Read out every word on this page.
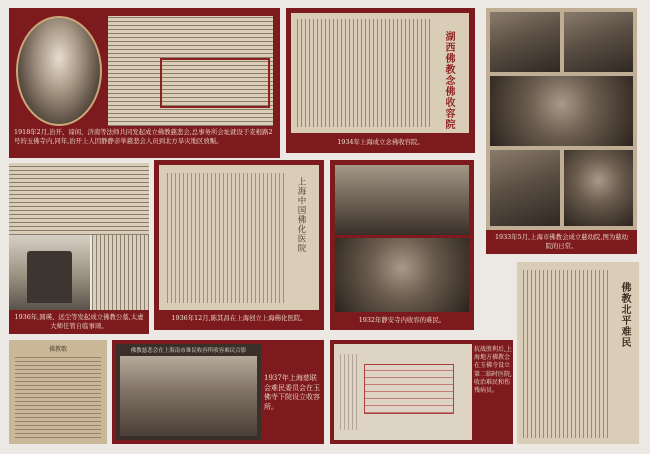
1918年2月,治开、谛闲、济南等法师共同发起成立佛教慈悲会,总事务所会址就设于麦根路2号的玉佛寺内,同年,治开上人因静静亲举慈悲会人员到北方旱灾地区放赈。
湖西佛教念佛收容院
1934年上海成立念佛收容院。
1933年5月,上海市佛教会成立慈幼院,图为慈幼院的日常。
1936年,圆瑛、远尘等发起成立佛教公墓,太虚大师任管自临事颂。
上海中国佛化医院
1936年12月,陈其昌在上海创立上海佛化医院。	1932年静安寺内收容的难民。	佛教北平难民
佛教歌	佛教慈悲会在上海南市难民收容所收容难民合影
1937年上海慈联会难民委员会在玉佛寺下院设立收容所。
抗战胜利后,上海地方佛教会在玉佛寺设立第二临时医院,收治难民和伤残病员。
